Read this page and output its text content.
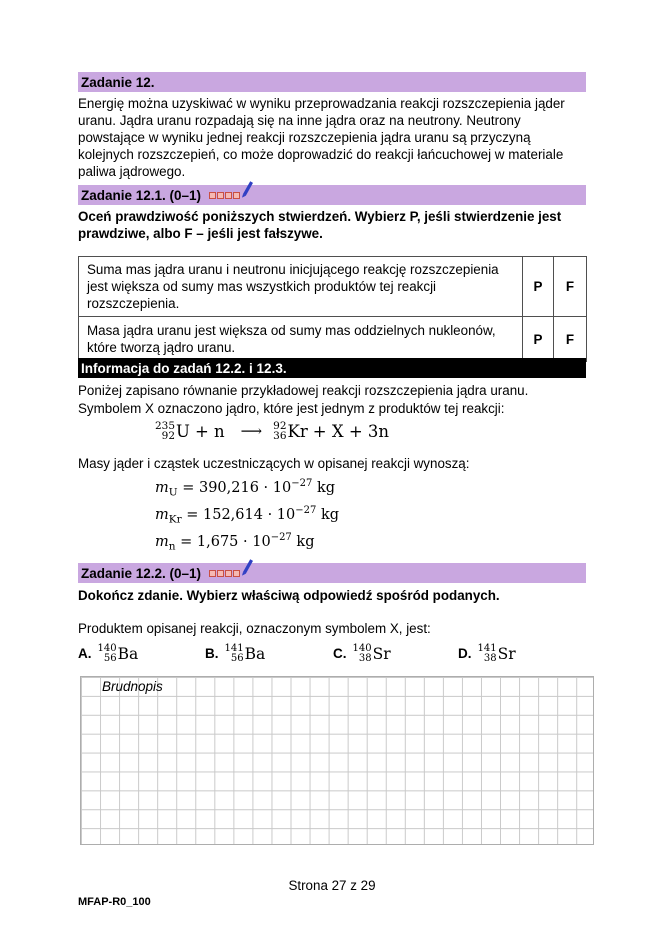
Zadanie 12.
Energię można uzyskiwać w wyniku przeprowadzania reakcji rozszczepienia jąder uranu. Jądra uranu rozpadają się na inne jądra oraz na neutrony. Neutrony powstające w wyniku jednej reakcji rozszczepienia jądra uranu są przyczyną kolejnych rozszczepień, co może doprowadzić do reakcji łańcuchowej w materiale paliwa jądrowego.
Zadanie 12.1. (0–1)
Oceń prawdziwość poniższych stwierdzeń. Wybierz P, jeśli stwierdzenie jest prawdziwe, albo F – jeśli jest fałszywe.
Suma mas jądra uranu i neutronu inicjującego reakcję rozszczepienia jest większa od sumy mas wszystkich produktów tej reakcji rozszczepienia.	P	F
Masa jądra uranu jest większa od sumy mas oddzielnych nukleonów, które tworzą jądro uranu.	P	F
Informacja do zadań 12.2. i 12.3.
Poniżej zapisano równanie przykładowej reakcji rozszczepienia jądra uranu.
Symbolem X oznaczono jądro, które jest jednym z produktów tej reakcji:
235
92 U + n ⟶ 92
36 Kr + X + 3n
Masy jąder i cząstek uczestniczących w opisanej reakcji wynoszą:
$m_U = 390,216 \cdot 10^{-27}$ kg
$m_{Kr} = 152,614 \cdot 10^{-27}$ kg
$m_n = 1,675 \cdot 10^{-27}$ kg
Zadanie 12.2. (0–1)
Dokończ zdanie. Wybierz właściwą odpowiedź spośród podanych.
Produktem opisanej reakcji, oznaczonym symbolem X, jest:
A. 140
56 Ba	B. 141
56 Ba	C. 140
38 Sr	D. 141
38 Sr
Brudnopis
Strona 27 z 29
MFAP-R0_100
